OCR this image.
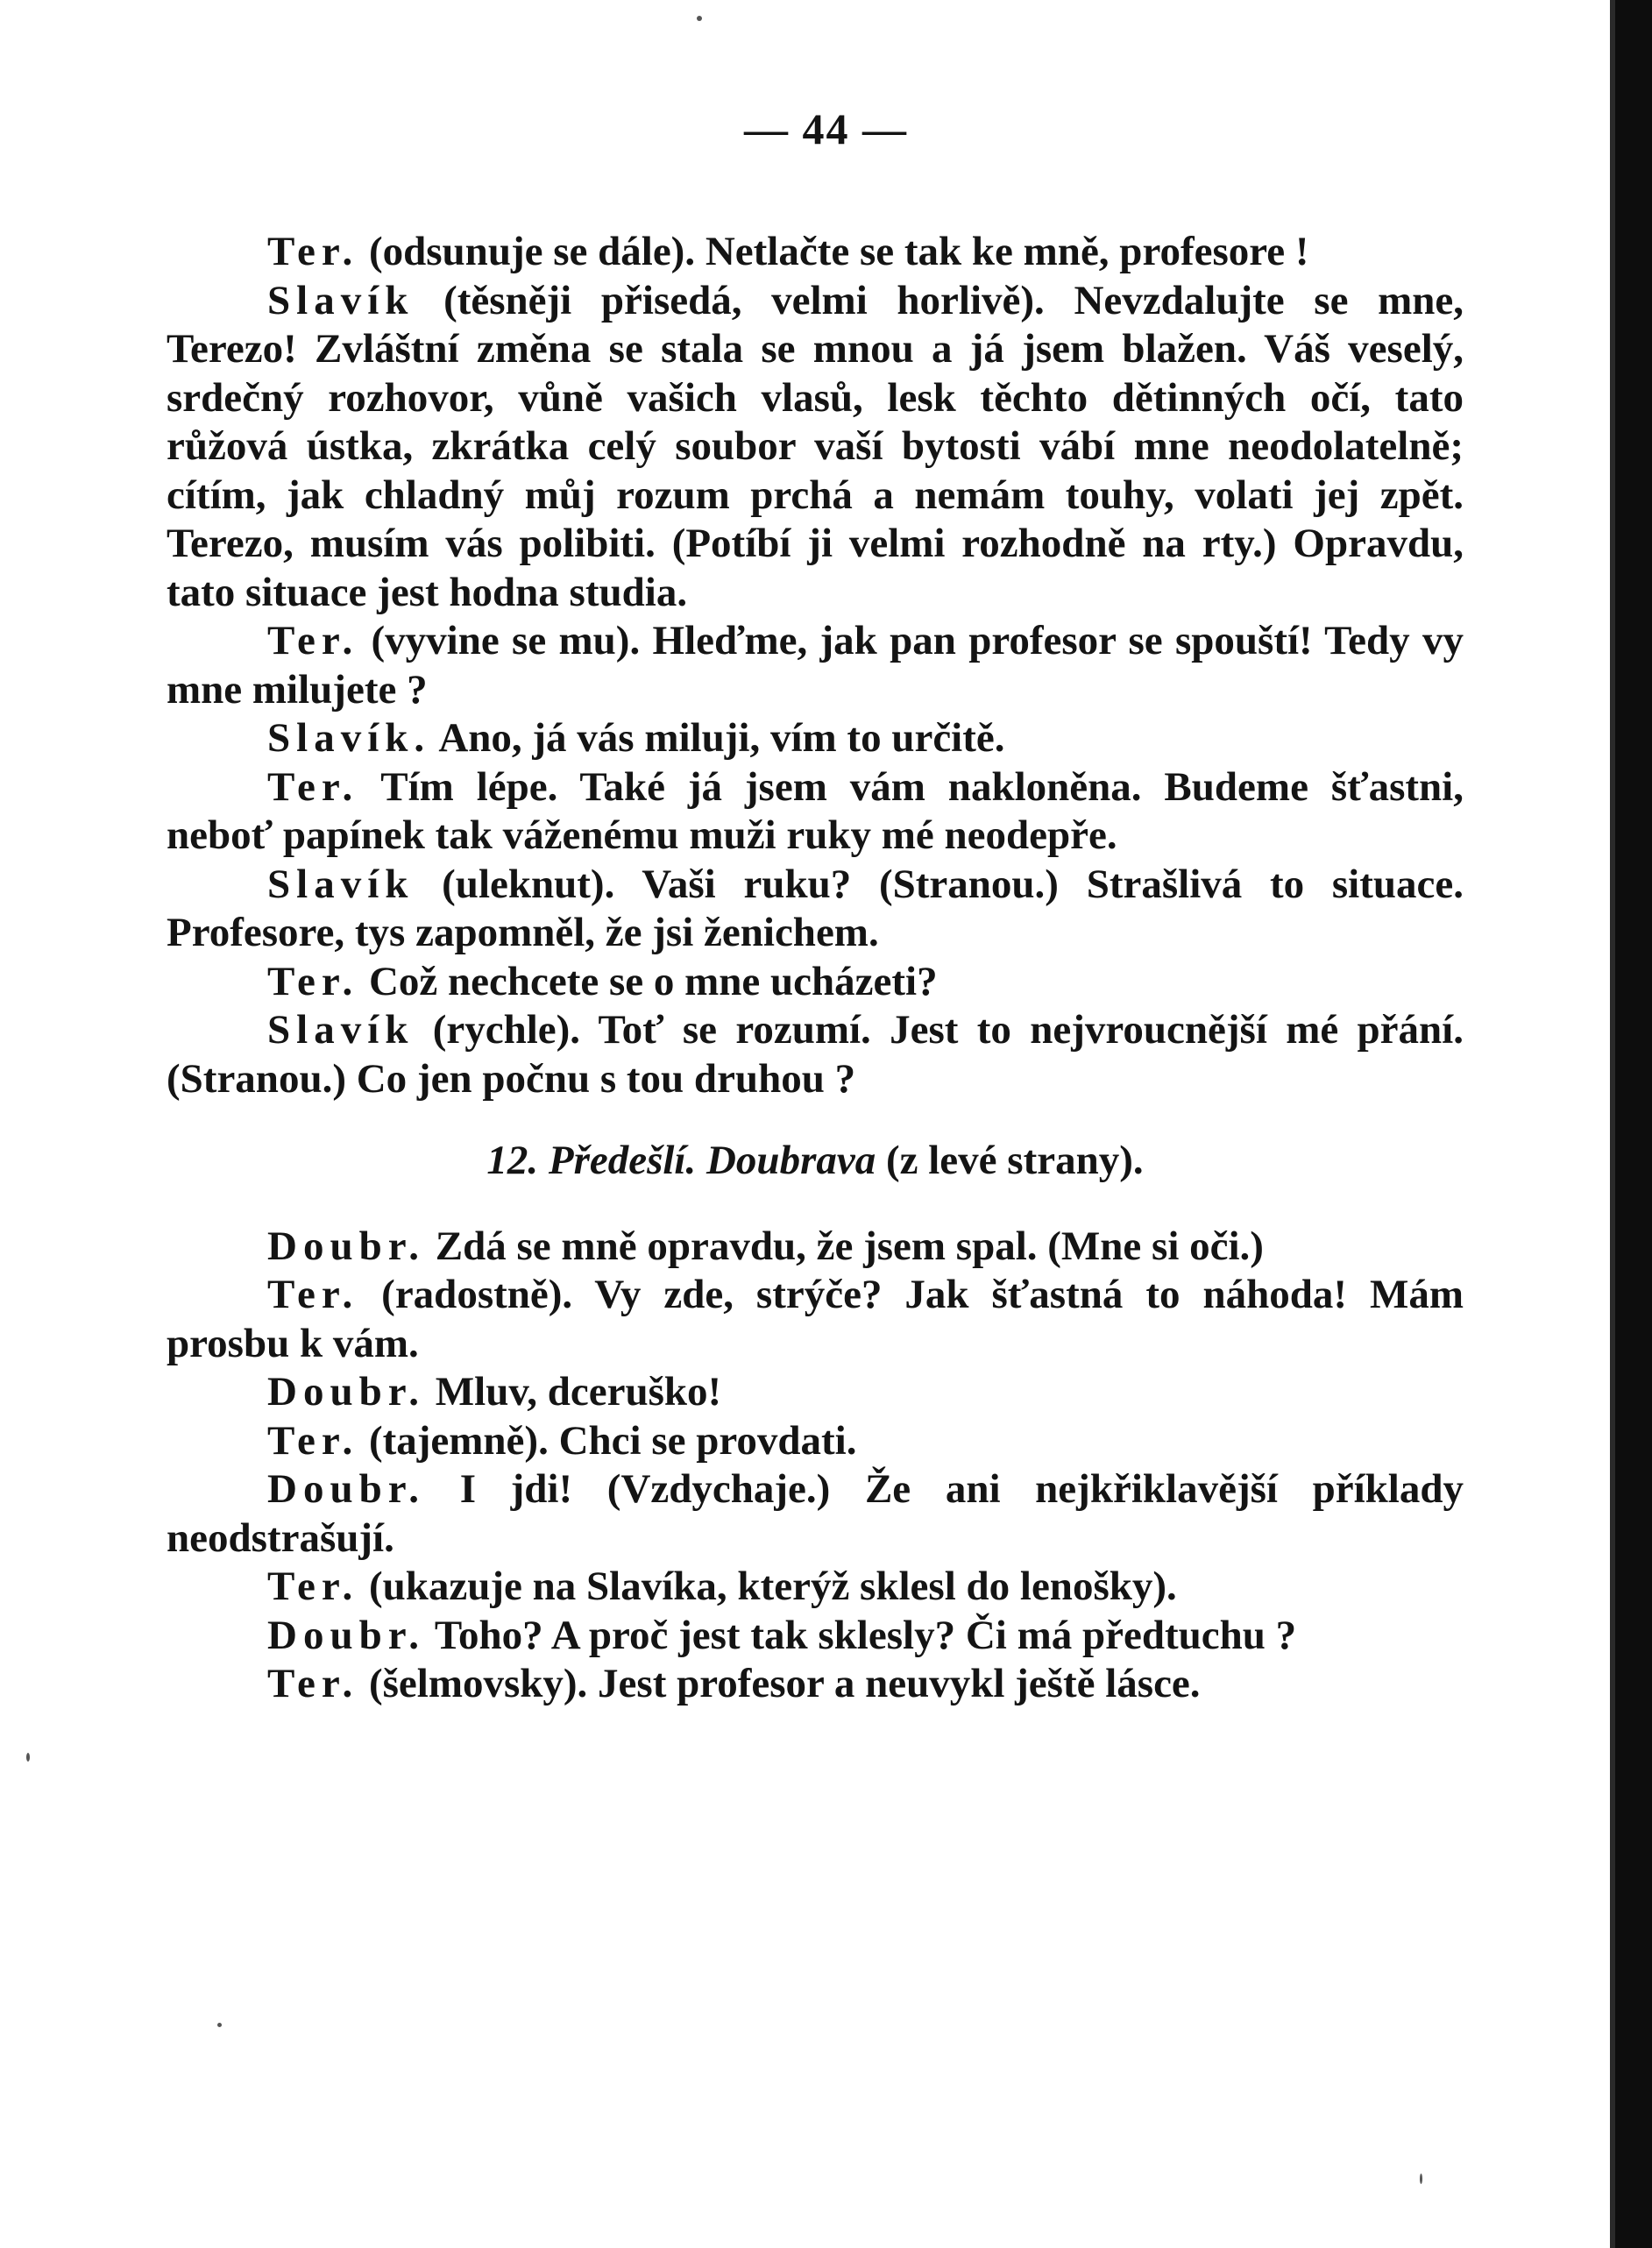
— 44 —

Ter. (odsunuje se dále). Netlačte se tak ke mně, profesore !

Slavík (těsněji přisedá, velmi horlivě). Nevzdalujte se mne, Terezo! Zvláštní změna se stala se mnou a já jsem blažen. Váš veselý, srdečný rozhovor, vůně vašich vlasů, lesk těchto dětinných očí, tato růžová ústka, zkrátka celý soubor vaší bytosti vábí mne neodolatelně; cítím, jak chladný můj rozum prchá a nemám touhy, volati jej zpět. Terezo, musím vás polibiti. (Potíbí ji velmi rozhodně na rty.) Opravdu, tato situace jest hodna studia.

Ter. (vyvine se mu). Hleďme, jak pan profesor se spouští! Tedy vy mne milujete ?

Slavík. Ano, já vás miluji, vím to určitě.

Ter. Tím lépe. Také já jsem vám nakloněna. Budeme šťastni, neboť papínek tak váženému muži ruky mé neodepře.

Slavík (uleknut). Vaši ruku? (Stranou.) Strašlivá to situace. Profesore, tys zapomněl, že jsi ženichem.

Ter. Což nechcete se o mne ucházeti?

Slavík (rychle). Toť se rozumí. Jest to nejvroucnější mé přání. (Stranou.) Co jen počnu s tou druhou ?

12. Předešlí. Doubrava (z levé strany).

Doubr. Zdá se mně opravdu, že jsem spal. (Mne si oči.)

Ter. (radostně). Vy zde, strýče? Jak šťastná to náhoda! Mám prosbu k vám.

Doubr. Mluv, dceruško!

Ter. (tajemně). Chci se provdati.

Doubr. I jdi! (Vzdychaje.) Že ani nejkřiklavější příklady neodstrašují.

Ter. (ukazuje na Slavíka, kterýž sklesl do lenošky).

Doubr. Toho? A proč jest tak sklesly? Či má předtuchu ?

Ter. (šelmovsky). Jest profesor a neuvykl ještě lásce.
